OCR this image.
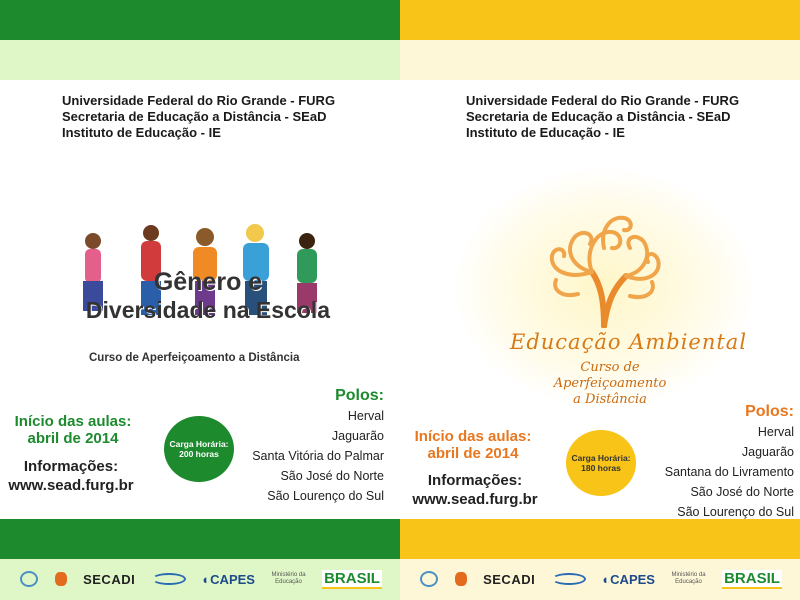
Universidade Federal do Rio Grande - FURG
Secretaria de Educação a Distância - SEaD
Instituto de Educação - IE
Gênero e
Diversidade na Escola
Curso de Aperfeiçoamento a Distância
Início das aulas:
abril de 2014
Informações:
www.sead.furg.br
Carga Horária:
200 horas
Polos:
Herval
Jaguarão
Santa Vitória do Palmar
São José do Norte
São Lourenço do Sul
SECADI	◐CAPES	Ministério da
Educação BRASIL
Universidade Federal do Rio Grande - FURG
Secretaria de Educação a Distância - SEaD
Instituto de Educação - IE
Educação Ambiental
Curso de Aperfeiçoamento
a Distância
Início das aulas:
abril de 2014
Informações:
www.sead.furg.br
Carga Horária:
180 horas
Polos:
Herval
Jaguarão
Santana do Livramento
São José do Norte
São Lourenço do Sul
SECADI	◐CAPES	Ministério da
Educação BRASIL
